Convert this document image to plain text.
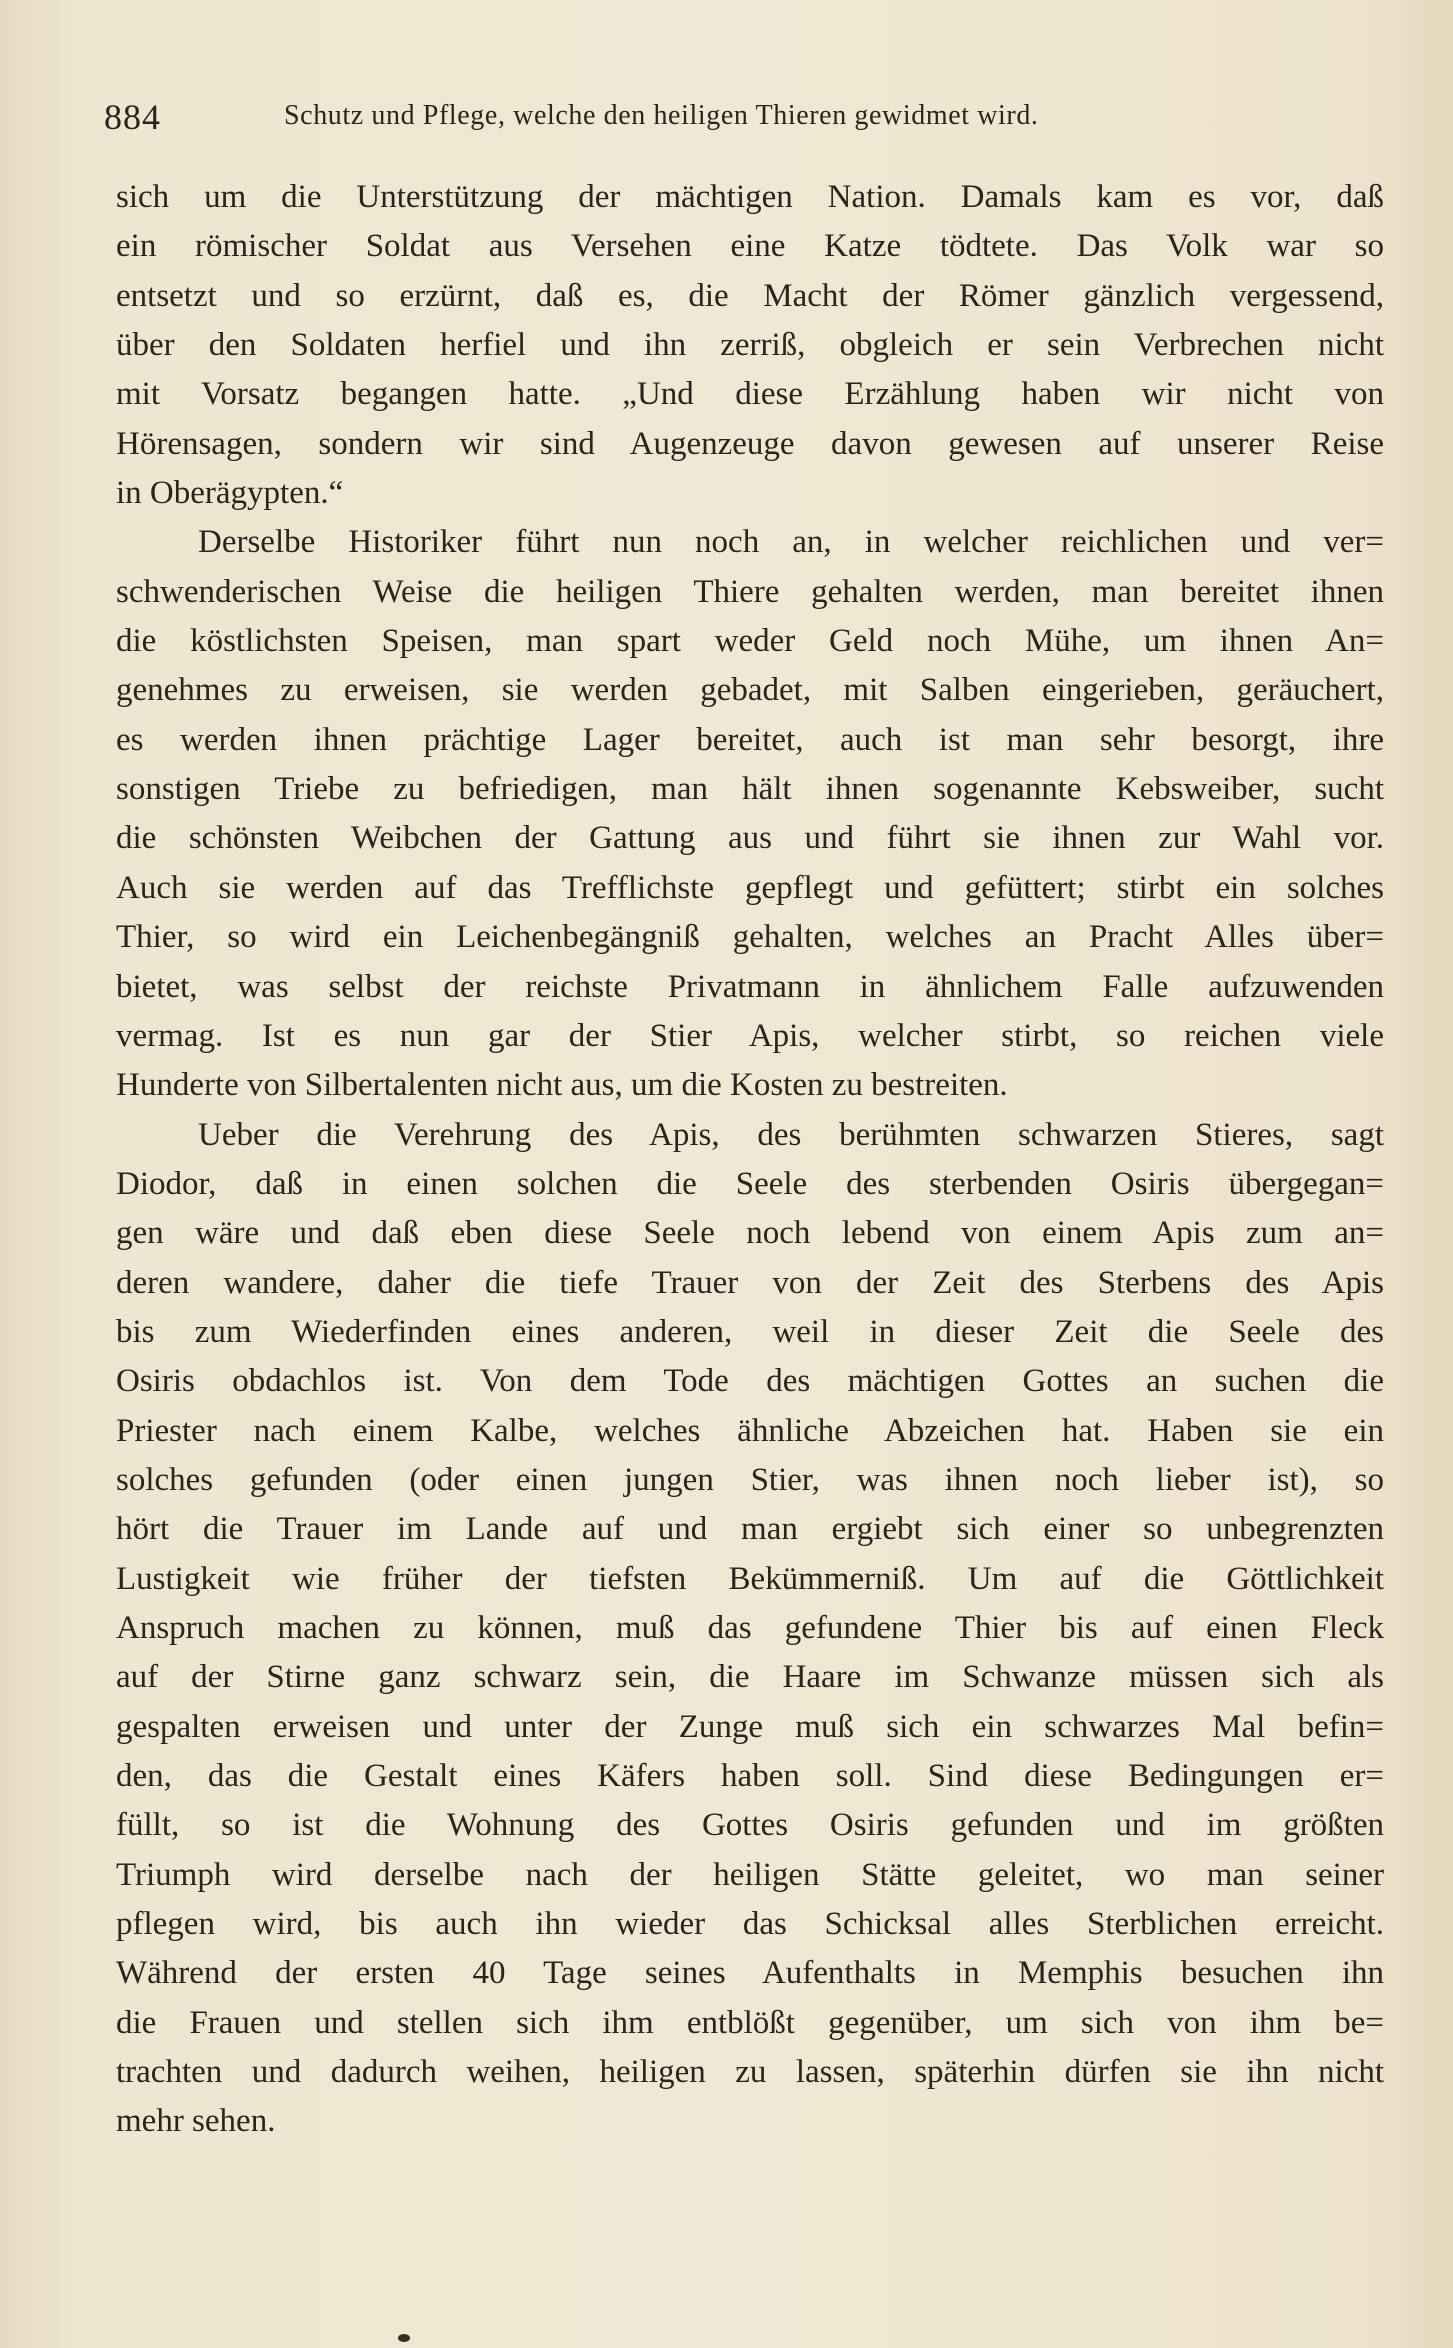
884	Schutz und Pflege, welche den heiligen Thieren gewidmet wird.
sich um die Unterstützung der mächtigen Nation. Damals kam es vor, daß
ein römischer Soldat aus Versehen eine Katze tödtete. Das Volk war so
entsetzt und so erzürnt, daß es, die Macht der Römer gänzlich vergessend,
über den Soldaten herfiel und ihn zerriß, obgleich er sein Verbrechen nicht
mit Vorsatz begangen hatte. „Und diese Erzählung haben wir nicht von
Hörensagen, sondern wir sind Augenzeuge davon gewesen auf unserer Reise
in Oberägypten.“
Derselbe Historiker führt nun noch an, in welcher reichlichen und ver=
schwenderischen Weise die heiligen Thiere gehalten werden, man bereitet ihnen
die köstlichsten Speisen, man spart weder Geld noch Mühe, um ihnen An=
genehmes zu erweisen, sie werden gebadet, mit Salben eingerieben, geräuchert,
es werden ihnen prächtige Lager bereitet, auch ist man sehr besorgt, ihre
sonstigen Triebe zu befriedigen, man hält ihnen sogenannte Kebsweiber, sucht
die schönsten Weibchen der Gattung aus und führt sie ihnen zur Wahl vor.
Auch sie werden auf das Trefflichste gepflegt und gefüttert; stirbt ein solches
Thier, so wird ein Leichenbegängniß gehalten, welches an Pracht Alles über=
bietet, was selbst der reichste Privatmann in ähnlichem Falle aufzuwenden
vermag. Ist es nun gar der Stier Apis, welcher stirbt, so reichen viele
Hunderte von Silbertalenten nicht aus, um die Kosten zu bestreiten.
Ueber die Verehrung des Apis, des berühmten schwarzen Stieres, sagt
Diodor, daß in einen solchen die Seele des sterbenden Osiris übergegan=
gen wäre und daß eben diese Seele noch lebend von einem Apis zum an=
deren wandere, daher die tiefe Trauer von der Zeit des Sterbens des Apis
bis zum Wiederfinden eines anderen, weil in dieser Zeit die Seele des
Osiris obdachlos ist. Von dem Tode des mächtigen Gottes an suchen die
Priester nach einem Kalbe, welches ähnliche Abzeichen hat. Haben sie ein
solches gefunden (oder einen jungen Stier, was ihnen noch lieber ist), so
hört die Trauer im Lande auf und man ergiebt sich einer so unbegrenzten
Lustigkeit wie früher der tiefsten Bekümmerniß. Um auf die Göttlichkeit
Anspruch machen zu können, muß das gefundene Thier bis auf einen Fleck
auf der Stirne ganz schwarz sein, die Haare im Schwanze müssen sich als
gespalten erweisen und unter der Zunge muß sich ein schwarzes Mal befin=
den, das die Gestalt eines Käfers haben soll. Sind diese Bedingungen er=
füllt, so ist die Wohnung des Gottes Osiris gefunden und im größten
Triumph wird derselbe nach der heiligen Stätte geleitet, wo man seiner
pflegen wird, bis auch ihn wieder das Schicksal alles Sterblichen erreicht.
Während der ersten 40 Tage seines Aufenthalts in Memphis besuchen ihn
die Frauen und stellen sich ihm entblößt gegenüber, um sich von ihm be=
trachten und dadurch weihen, heiligen zu lassen, späterhin dürfen sie ihn nicht
mehr sehen.
